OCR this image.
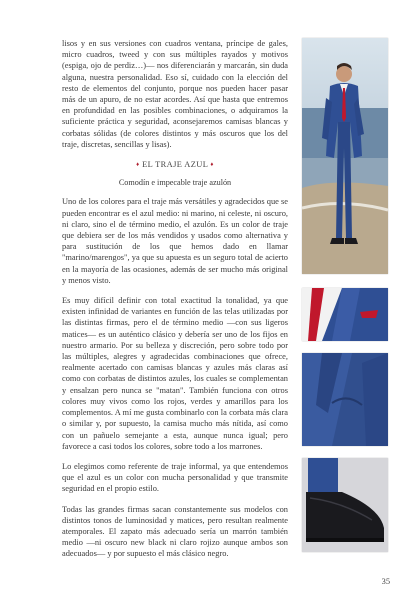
lisos y en sus versiones con cuadros ventana, príncipe de gales, micro cuadros, tweed y con sus múltiples rayados y motivos (espiga, ojo de perdiz…)— nos diferenciarán y marcarán, sin duda alguna, nuestra personalidad. Eso sí, cuidado con la elección del resto de elementos del conjunto, porque nos pueden hacer pasar más de un apuro, de no estar acordes. Así que hasta que entremos en profundidad en las posibles combinaciones, o adquiramos la suficiente práctica y seguridad, aconsejaremos camisas blancas y corbatas sólidas (de colores distintos y más oscuros que los del traje, discretas, sencillas y lisas).

♦ EL TRAJE AZUL ♦
Comodín e impecable traje azulón

Uno de los colores para el traje más versátiles y agradecidos que se pueden encontrar es el azul medio: ni marino, ni celeste, ni oscuro, ni claro, sino el de término medio, el azulón. Es un color de traje que debiera ser de los más vendidos y usados como alternativa y para sustitución de los que hemos dado en llamar "marino/marengos", ya que su apuesta es un seguro total de acierto en la mayoría de las ocasiones, además de ser mucho más original y menos visto.

Es muy difícil definir con total exactitud la tonalidad, ya que existen infinidad de variantes en función de las telas utilizadas por las distintas firmas, pero el de término medio —con sus ligeros matices— es un auténtico clásico y debería ser uno de los fijos en nuestro armario. Por su belleza y discreción, pero sobre todo por las múltiples, alegres y agradecidas combinaciones que ofrece, realmente acertado con camisas blancas y azules más claras así como con corbatas de distintos azules, los cuales se complementan y ensalzan pero nunca se "matan". También funciona con otros colores muy vivos como los rojos, verdes y amarillos para los complementos. A mí me gusta combinarlo con la corbata más clara o similar y, por supuesto, la camisa mucho más nítida, así como con un pañuelo semejante a esta, aunque nunca igual; pero favorece a casi todos los colores, sobre todo a los marrones.

Lo elegimos como referente de traje informal, ya que entendemos que el azul es un color con mucha personalidad y que transmite seguridad en el propio estilo.

Todas las grandes firmas sacan constantemente sus modelos con distintos tonos de luminosidad y matices, pero resultan realmente atemporales. El zapato más adecuado sería un marrón también medio —ni oscuro new black ni claro rojizo aunque ambos son adecuados— y por supuesto el más clásico negro.

35
